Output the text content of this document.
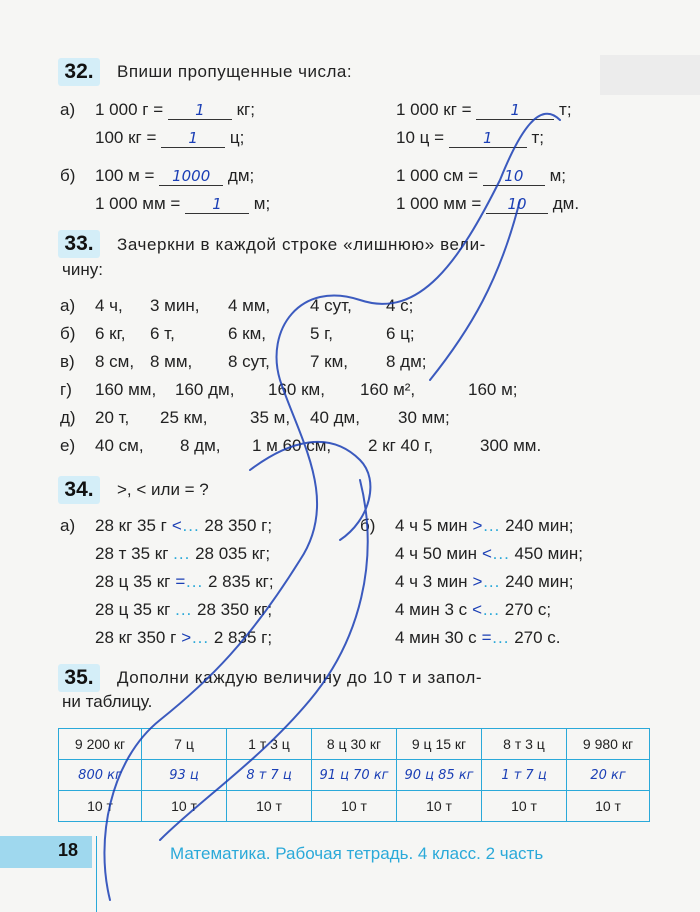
32. Впиши пропущенные числа:
а) 1 000 г = 1 кг;	1 000 кг =	1 т;
100 кг = 1 ц;	10 ц =	1 т;
б) 100 м = 1000 дм;	1 000 см = 10 м;
1 000 мм = 1 м;	1 000 мм = 10 дм.
33. Зачеркни в каждой строке «лишнюю» вели-
чину:
а) 4 ч, 3 мин, 4 мм, 4 сут, 4 с;
б) 6 кг, 6 т,	6 км,	5 г,	6 ц;
в) 8 см, 8 мм, 8 сут, 7 км, 8 дм;
г) 160 мм, 160 дм, 160 км, 160 м²,	160 м;
д) 20 т, 25 км,	35 м, 40 дм, 30 мм;
е) 40 см, 8 дм, 1 м 60 см, 2 кг 40 г,	300 мм.
34. >, < или = ?
а)	б)
28 кг 35 г <... 28 350 г;	4 ч 5 мин >... 240 мин;
28 т 35 кг ... 28 035 кг;	4 ч 50 мин <... 450 мин;
28 ц 35 кг =... 2 835 кг;	4 ч 3 мин >... 240 мин;
28 ц 35 кг ... 28 350 кг;	4 мин 3 с <... 270 с;
28 кг 350 г >... 2 835 г;	4 мин 30 с =... 270 с.
35. Дополни каждую величину до 10 т и запол-
ни таблицу.
9 200 кг	7 ц	1 т 3 ц	8 ц 30 кг	9 ц 15 кг	8 т 3 ц	9 980 кг
800 кг	93 ц	8 т 7 ц	91 ц 70 кг	90 ц 85 кг	1 т 7 ц	20 кг
10 т	10 т	10 т	10 т	10 т	10 т	10 т
18	Математика. Рабочая тетрадь. 4 класс. 2 часть
